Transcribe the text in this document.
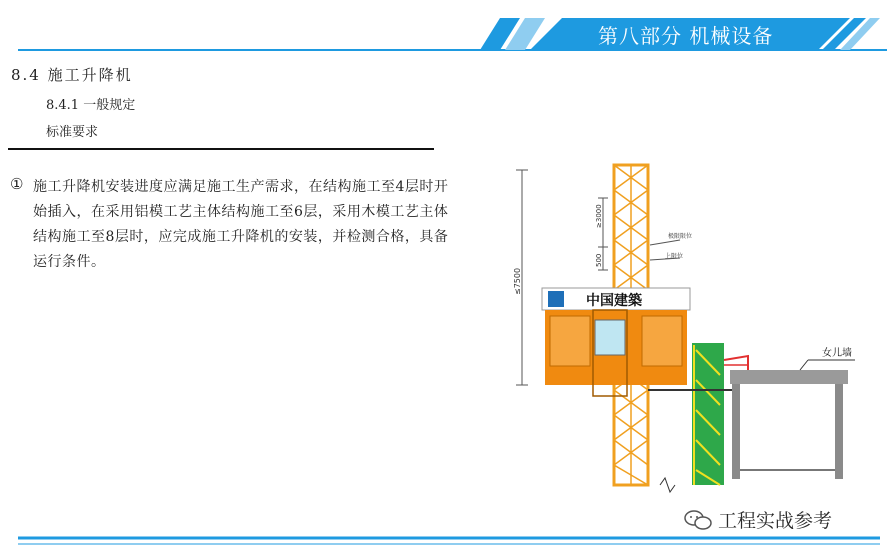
第八部分 机械设备
8.4 施工升降机
8.4.1 一般规定
标准要求
① 施工升降机安装进度应满足施工生产需求，在结构施工至4层时开始插入，在采用铝模工艺主体结构施工至6层，采用木模工艺主体结构施工至8层时，应完成施工升降机的安装，并检测合格，具备运行条件。
≤7500
≥3000
500
极限限位
上限位
中国建築
女儿墙
工程实战参考
